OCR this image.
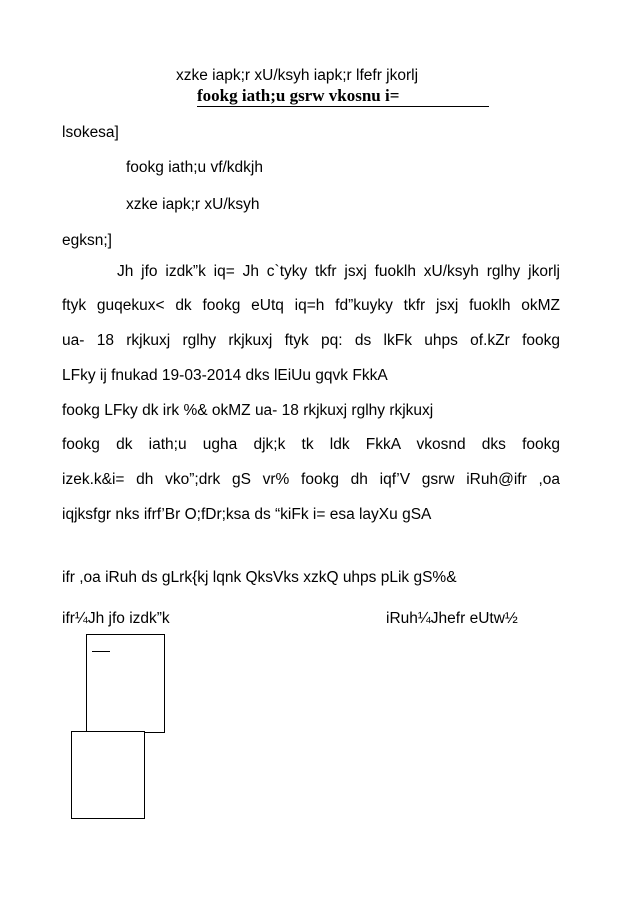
xzke iapk;r xU/ksyh iapk;r lfefr jkorlj
fookg iath;u gsrw vkosnu i=
lsokesa]
fookg iath;u vf/kdkjh
xzke iapk;r xU/ksyh
egksn;]
Jh jfo izdk”k iq= Jh c`tyky tkfr jsxj fuoklh xU/ksyh rglhy jkorlj
ftyk guqekux< dk fookg eUtq iq=h fd”kuyky tkfr jsxj fuoklh okMZ
ua- 18 rkjkuxj rglhy rkjkuxj ftyk pq: ds lkFk uhps of.kZr fookg
LFky ij fnukad 19-03-2014 dks lEiUu gqvk FkkA
fookg LFky dk irk %& okMZ ua- 18 rkjkuxj rglhy rkjkuxj
fookg dk iath;u ugha djk;k tk ldk FkkA vkosnd dks fookg
izek.k&i= dh vko”;drk gS vr% fookg dh iqf’V gsrw iRuh@ifr ,oa
iqjksfgr nks ifrf’Br O;fDr;ksa ds “kiFk i= esa layXu gSA
ifr ,oa iRuh ds gLrk{kj lqnk QksVks xzkQ uhps pLik gS%&
ifr¼Jh jfo izdk”k	iRuh¼Jhefr eUtw½
